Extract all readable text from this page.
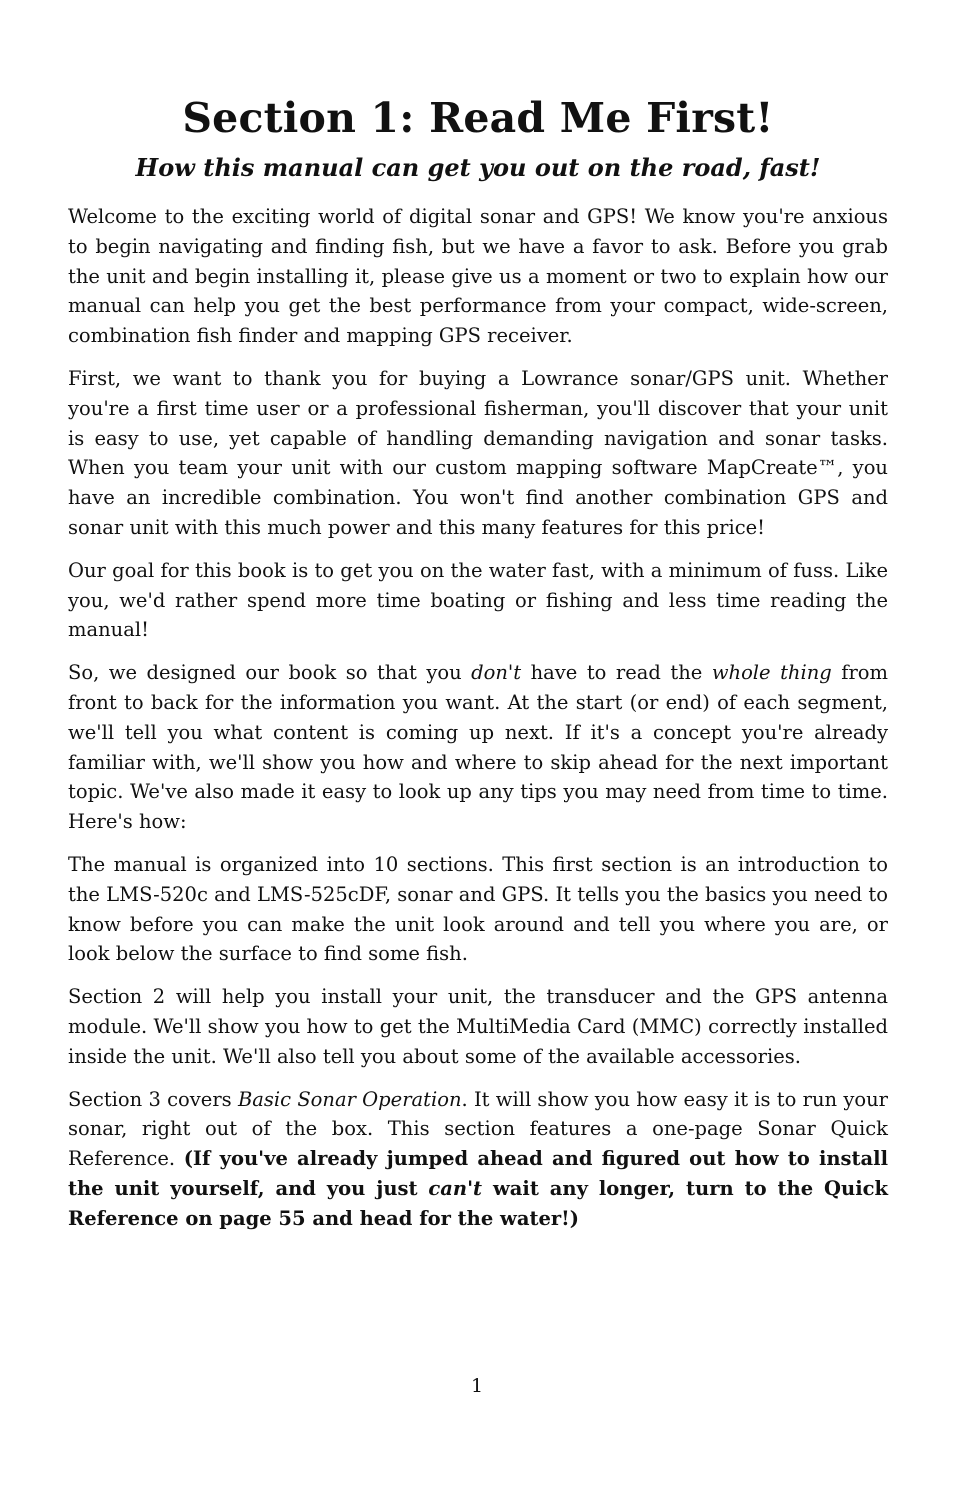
Section 1: Read Me First!
How this manual can get you out on the road, fast!

Welcome to the exciting world of digital sonar and GPS! We know you're anxious to begin navigating and finding fish, but we have a favor to ask. Before you grab the unit and begin installing it, please give us a moment or two to explain how our manual can help you get the best performance from your compact, wide-screen, combination fish finder and mapping GPS receiver.

First, we want to thank you for buying a Lowrance sonar/GPS unit. Whether you're a first time user or a professional fisherman, you'll discover that your unit is easy to use, yet capable of handling demanding navigation and sonar tasks. When you team your unit with our custom mapping software MapCreate™, you have an incredible combination. You won't find another combination GPS and sonar unit with this much power and this many features for this price!

Our goal for this book is to get you on the water fast, with a minimum of fuss. Like you, we'd rather spend more time boating or fishing and less time reading the manual!

So, we designed our book so that you don't have to read the whole thing from front to back for the information you want. At the start (or end) of each segment, we'll tell you what content is coming up next. If it's a concept you're already familiar with, we'll show you how and where to skip ahead for the next important topic. We've also made it easy to look up any tips you may need from time to time. Here's how:

The manual is organized into 10 sections. This first section is an introduction to the LMS-520c and LMS-525cDF, sonar and GPS. It tells you the basics you need to know before you can make the unit look around and tell you where you are, or look below the surface to find some fish.

Section 2 will help you install your unit, the transducer and the GPS antenna module. We'll show you how to get the MultiMedia Card (MMC) correctly installed inside the unit. We'll also tell you about some of the available accessories.

Section 3 covers Basic Sonar Operation. It will show you how easy it is to run your sonar, right out of the box. This section features a one-page Sonar Quick Reference. (If you've already jumped ahead and figured out how to install the unit yourself, and you just can't wait any longer, turn to the Quick Reference on page 55 and head for the water!)

1
